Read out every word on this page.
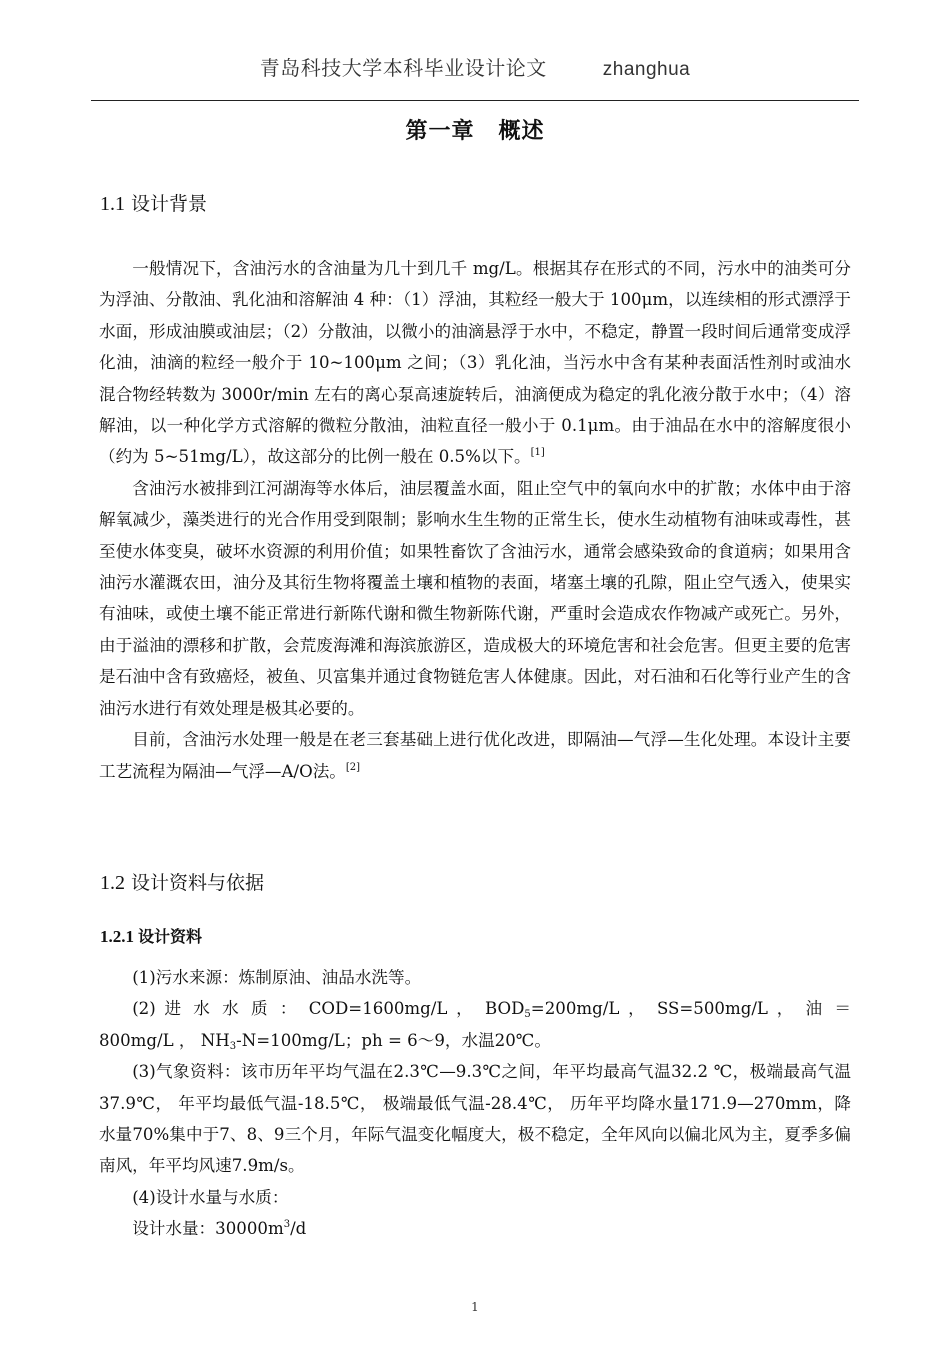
青岛科技大学本科毕业设计论文	zhanghua
第一章 概述
1.1 设计背景

一般情况下，含油污水的含油量为几十到几千 mg/L。根据其存在形式的不同，污水中的油类可分为浮油、分散油、乳化油和溶解油 4 种：（1）浮油，其粒经一般大于 100μm，以连续相的形式漂浮于水面，形成油膜或油层；（2）分散油，以微小的油滴悬浮于水中，不稳定，静置一段时间后通常变成浮化油，油滴的粒经一般介于 10~100μm 之间；（3）乳化油，当污水中含有某种表面活性剂时或油水混合物经转数为 3000r/min 左右的离心泵高速旋转后，油滴便成为稳定的乳化液分散于水中；（4）溶解油，以一种化学方式溶解的微粒分散油，油粒直径一般小于 0.1μm。由于油品在水中的溶解度很小（约为 5~51mg/L），故这部分的比例一般在 0.5%以下。[1]

含油污水被排到江河湖海等水体后，油层覆盖水面，阻止空气中的氧向水中的扩散；水体中由于溶解氧减少，藻类进行的光合作用受到限制；影响水生生物的正常生长，使水生动植物有油味或毒性，甚至使水体变臭，破坏水资源的利用价值；如果牲畜饮了含油污水，通常会感染致命的食道病；如果用含油污水灌溉农田，油分及其衍生物将覆盖土壤和植物的表面，堵塞土壤的孔隙，阻止空气透入，使果实有油味，或使土壤不能正常进行新陈代谢和微生物新陈代谢，严重时会造成农作物减产或死亡。另外，由于溢油的漂移和扩散，会荒废海滩和海滨旅游区，造成极大的环境危害和社会危害。但更主要的危害是石油中含有致癌烃，被鱼、贝富集并通过食物链危害人体健康。因此，对石油和石化等行业产生的含油污水进行有效处理是极其必要的。

目前，含油污水处理一般是在老三套基础上进行优化改进，即隔油—气浮—生化处理。本设计主要工艺流程为隔油—气浮—A/O法。[2]

1.2 设计资料与依据
1.2.1 设计资料

(1)污水来源：炼制原油、油品水洗等。

(2) 进 水 水 质 ： COD=1600mg/L ， $BOD_5=200mg/L$ ， SS=500mg/L ， 油 ＝ 800mg/L ， $NH_3-N=100mg/L$；ph = 6～9，水温20℃。

(3)气象资料：该市历年平均气温在2.3℃—9.3℃之间，年平均最高气温32.2 ℃，极端最高气温37.9℃， 年平均最低气温-18.5℃， 极端最低气温-28.4℃， 历年平均降水量171.9—270mm，降水量70%集中于7、8、9三个月，年际气温变化幅度大，极不稳定，全年风向以偏北风为主，夏季多偏南风，年平均风速7.9m/s。

(4)设计水量与水质：

设计水量：$30000m^3/d$

1
